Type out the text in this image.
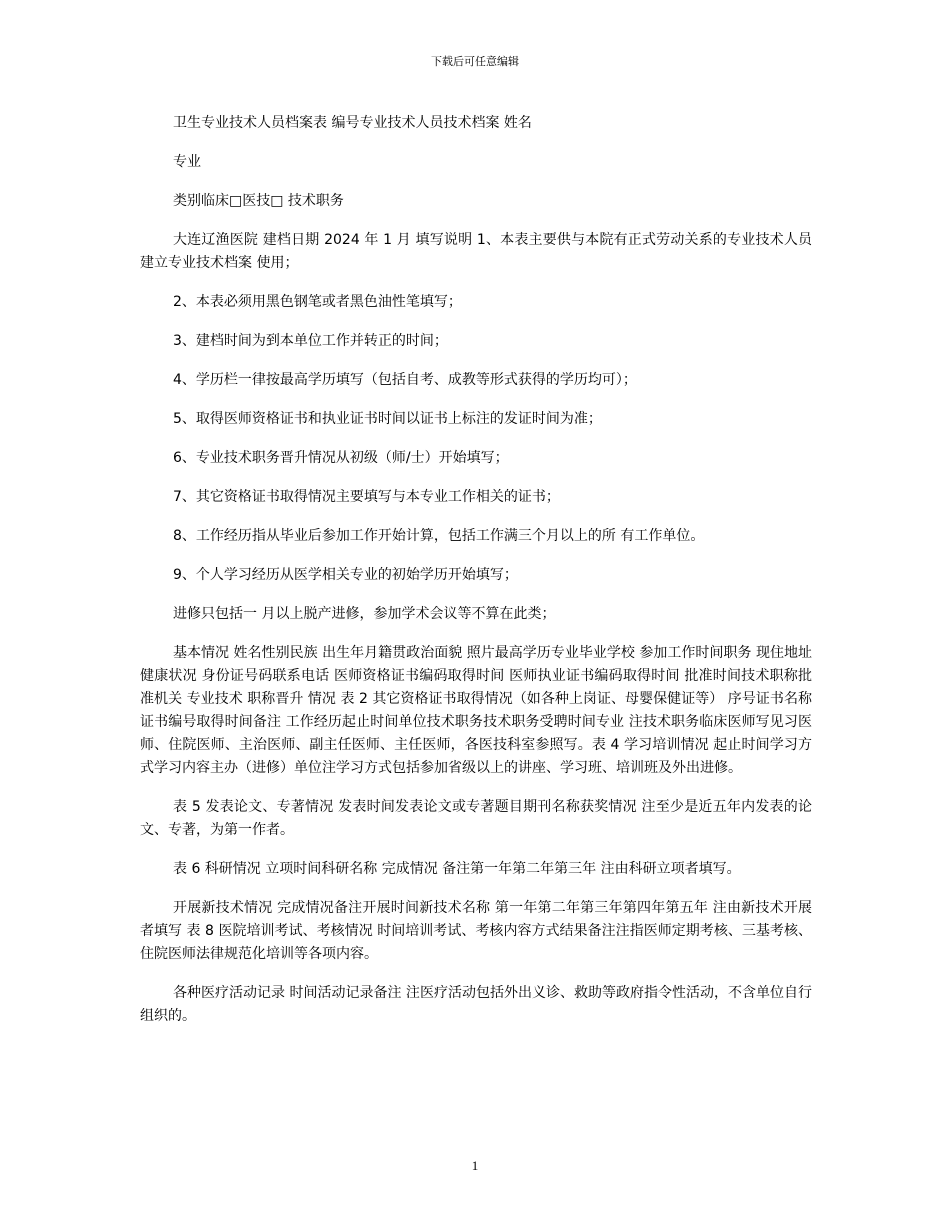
下载后可任意编辑

卫生专业技术人员档案表 编号专业技术人员技术档案 姓名

专业

类别临床□医技□ 技术职务

大连辽渔医院 建档日期 2024 年 1 月 填写说明 1、本表主要供与本院有正式劳动关系的专业技术人员建立专业技术档案 使用；

2、本表必须用黑色钢笔或者黑色油性笔填写；

3、建档时间为到本单位工作并转正的时间；

4、学历栏一律按最高学历填写（包括自考、成教等形式获得的学历均可）；

5、取得医师资格证书和执业证书时间以证书上标注的发证时间为准；

6、专业技术职务晋升情况从初级（师/士）开始填写；

7、其它资格证书取得情况主要填写与本专业工作相关的证书；

8、工作经历指从毕业后参加工作开始计算，包括工作满三个月以上的所 有工作单位。

9、个人学习经历从医学相关专业的初始学历开始填写；

进修只包括一 月以上脱产进修，参加学术会议等不算在此类；

基本情况 姓名性别民族 出生年月籍贯政治面貌 照片最高学历专业毕业学校 参加工作时间职务 现住地址健康状况 身份证号码联系电话 医师资格证书编码取得时间 医师执业证书编码取得时间 批准时间技术职称批准机关 专业技术 职称晋升 情况 表 2 其它资格证书取得情况（如各种上岗证、母婴保健证等） 序号证书名称证书编号取得时间备注 工作经历起止时间单位技术职务技术职务受聘时间专业 注技术职务临床医师写见习医师、住院医师、主治医师、副主任医师、主任医师，各医技科室参照写。表 4 学习培训情况 起止时间学习方式学习内容主办（进修）单位注学习方式包括参加省级以上的讲座、学习班、培训班及外出进修。

表 5 发表论文、专著情况 发表时间发表论文或专著题目期刊名称获奖情况 注至少是近五年内发表的论文、专著，为第一作者。

表 6 科研情况 立项时间科研名称 完成情况 备注第一年第二年第三年 注由科研立项者填写。

开展新技术情况 完成情况备注开展时间新技术名称 第一年第二年第三年第四年第五年 注由新技术开展者填写 表 8 医院培训考试、考核情况 时间培训考试、考核内容方式结果备注注指医师定期考核、三基考核、住院医师法律规范化培训等各项内容。

各种医疗活动记录 时间活动记录备注 注医疗活动包括外出义诊、救助等政府指令性活动，不含单位自行组织的。

1
